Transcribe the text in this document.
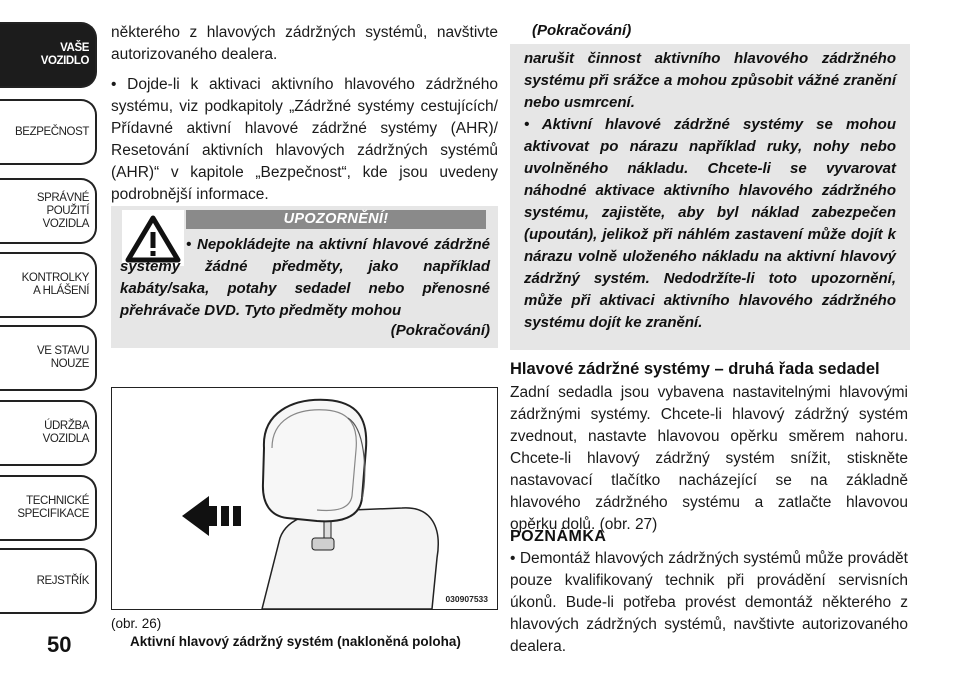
VAŠE
VOZIDLO
BEZPEČNOST
SPRÁVNÉ
POUŽITÍ
VOZIDLA
KONTROLKY
A HLÁŠENÍ
VE STAVU
NOUZE
ÚDRŽBA
VOZIDLA
TECHNICKÉ
SPECIFIKACE
REJSTŘÍK
50

některého z hlavových zádržných systémů, navštivte autorizovaného dealera.

• Dojde-li k aktivaci aktivního hlavového zádržného systému, viz podkapitoly „Zádržné systémy cestujících/ Přídavné aktivní hlavové zádržné systémy (AHR)/ Resetování aktivních hlavových zádržných systémů (AHR)“ v kapitole „Bezpečnost“, kde jsou uvedeny podrobnější informace.

UPOZORNĚNÍ!

• Nepokládejte na aktivní hlavové zádržné systémy žádné předměty, jako například kabáty/saka, potahy sedadel nebo přenosné přehrávače DVD. Tyto předměty mohou

(Pokračování)
030907533
(obr. 26)
Aktivní hlavový zádržný systém (nakloněná poloha)
(Pokračování)

narušit činnost aktivního hlavového zádržného systému při srážce a mohou způsobit vážné zranění nebo usmrcení.

• Aktivní hlavové zádržné systémy se mohou aktivovat po nárazu například ruky, nohy nebo uvolněného nákladu. Chcete-li se vyvarovat náhodné aktivace aktivního hlavového zádržného systému, zajistěte, aby byl náklad zabezpečen (upoután), jelikož při náhlém zastavení může dojít k nárazu volně uloženého nákladu na aktivní hlavový zádržný systém. Nedodržíte-li toto upozornění, může při aktivaci aktivního hlavového zádržného systému dojít ke zranění.

Hlavové zádržné systémy – druhá řada sedadel

Zadní sedadla jsou vybavena nastavitelnými hlavovými zádržnými systémy. Chcete-li hlavový zádržný systém zvednout, nastavte hlavovou opěrku směrem nahoru. Chcete-li hlavový zádržný systém snížit, stiskněte nastavovací tlačítko nacházející se na základně hlavového zádržného systému a zatlačte hlavovou opěrku dolů. (obr. 27)

POZNÁMKA

• Demontáž hlavových zádržných systémů může provádět pouze kvalifikovaný technik při provádění servisních úkonů. Bude-li potřeba provést demontáž některého z hlavových zádržných systémů, navštivte autorizovaného dealera.
